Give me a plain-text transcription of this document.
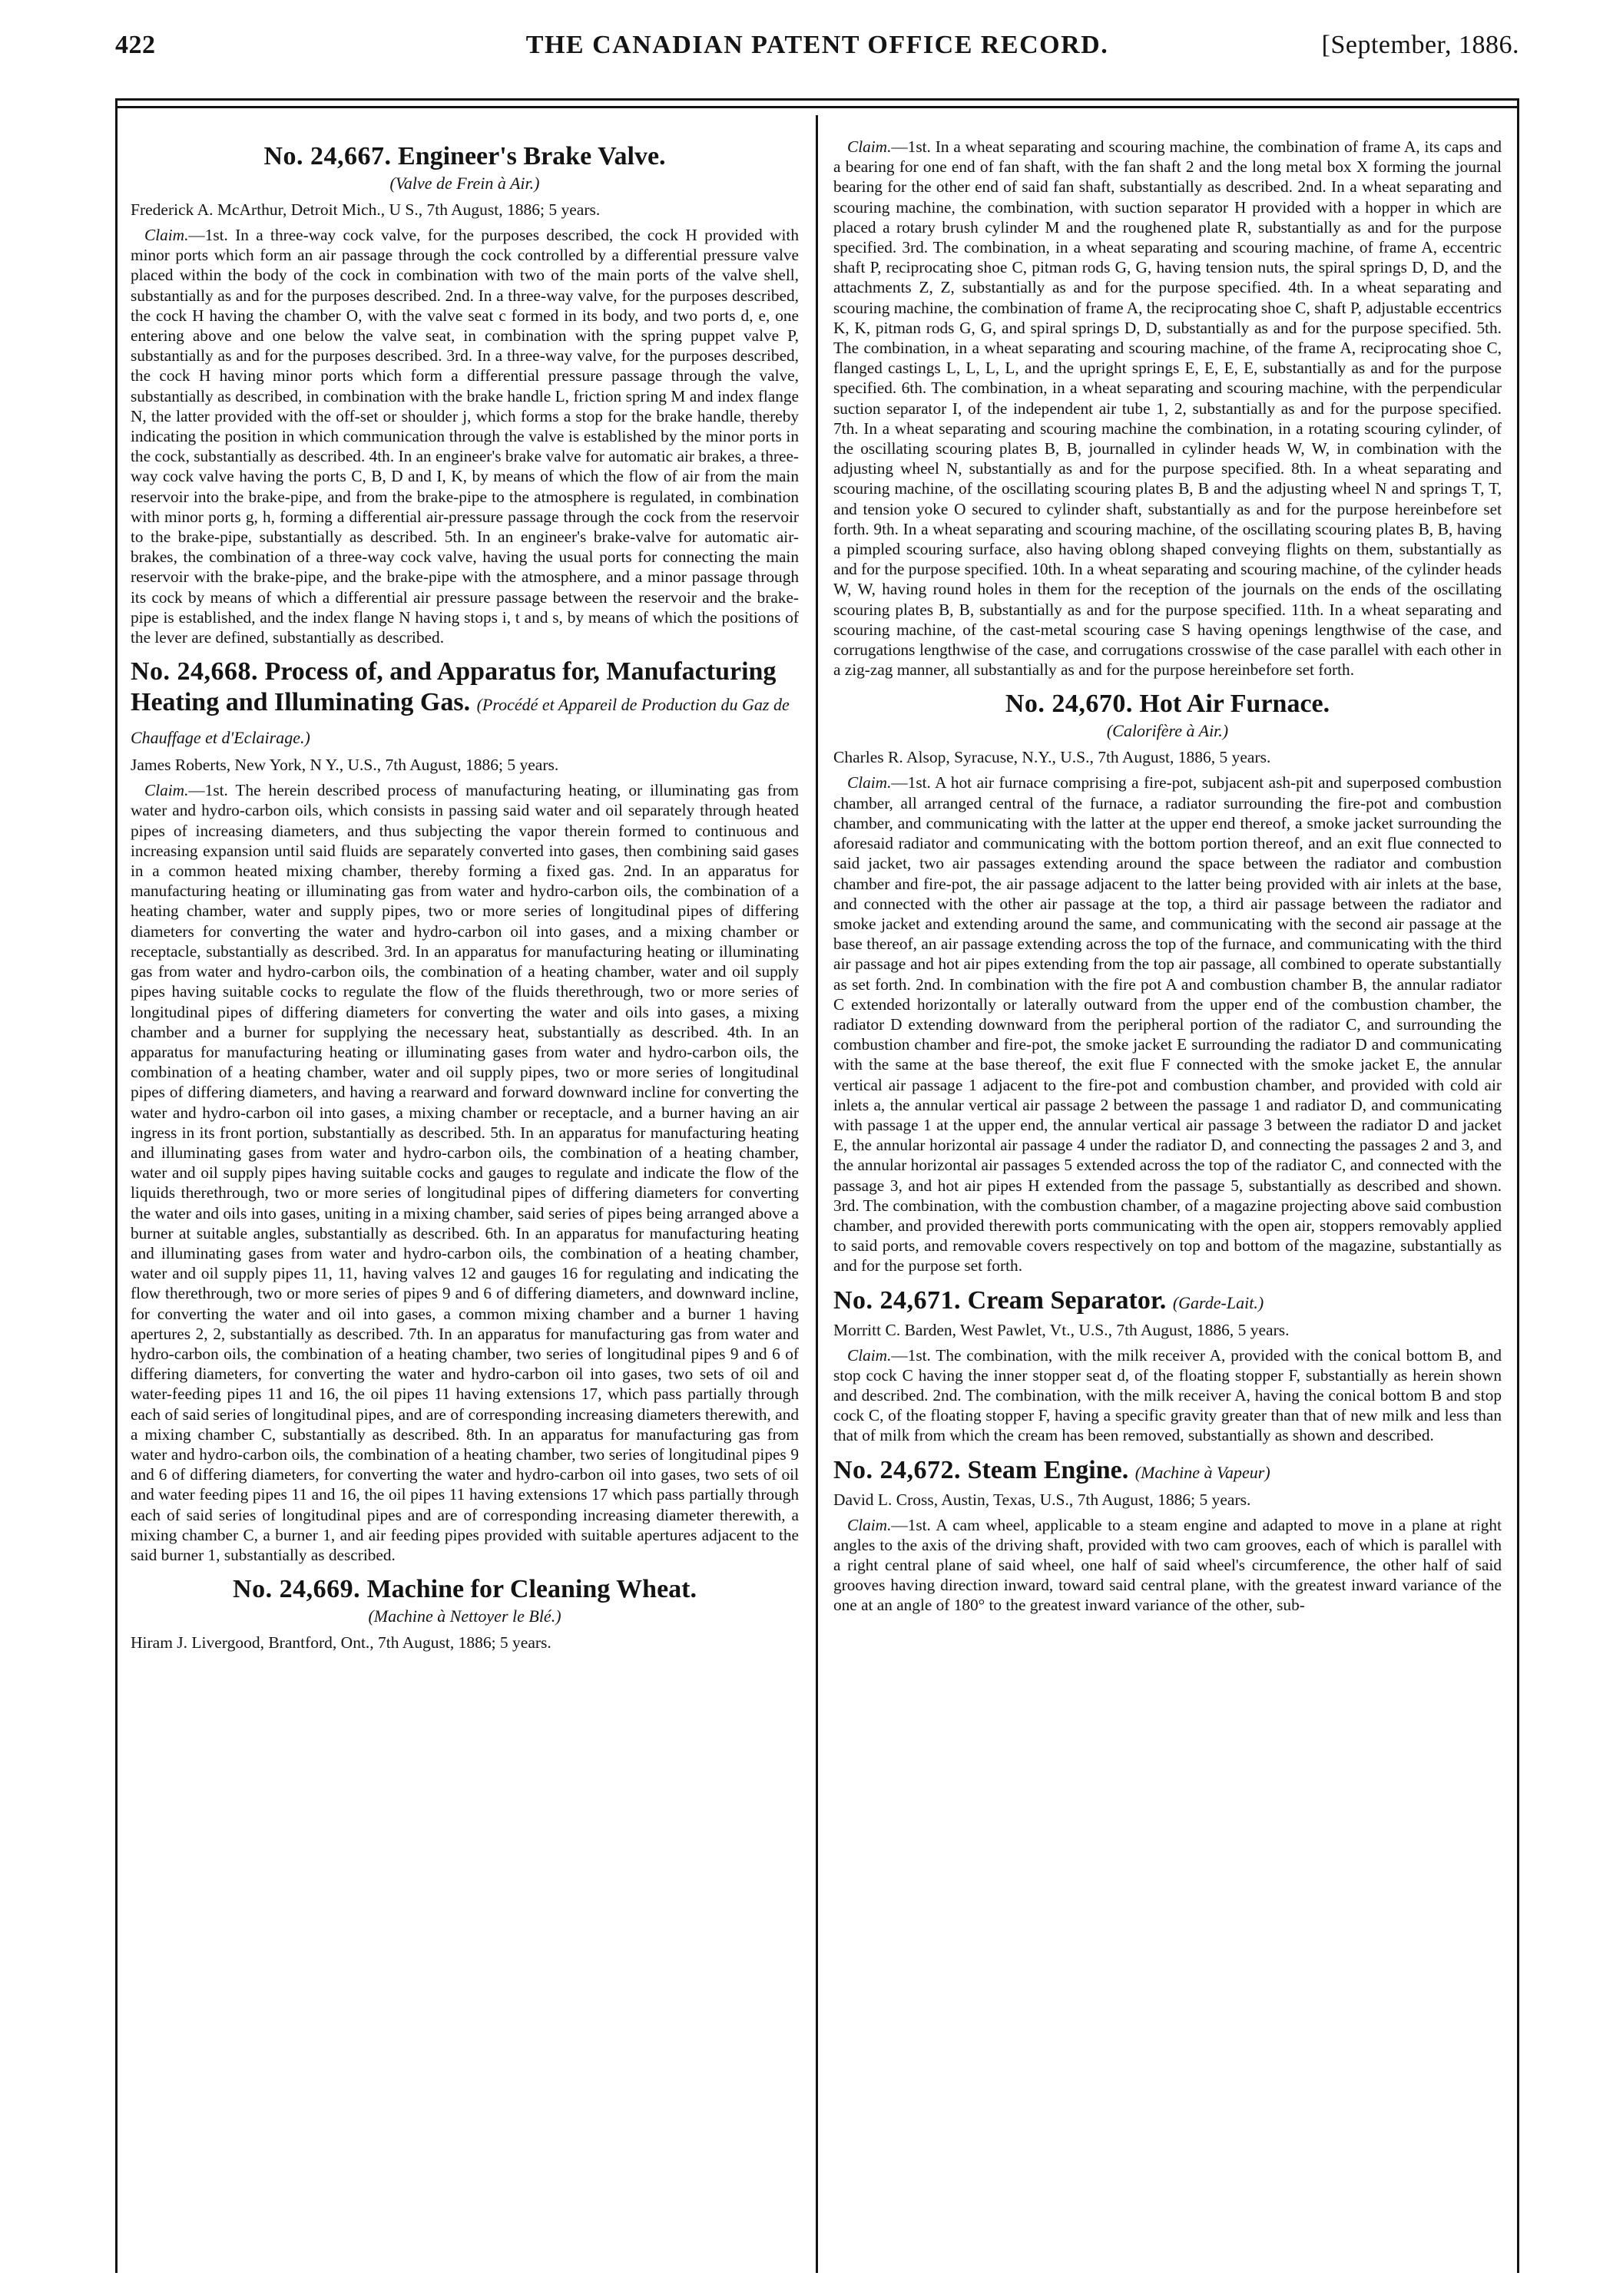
422	THE CANADIAN PATENT OFFICE RECORD.	[September, 1886.
No. 24,667. Engineer's Brake Valve.
(Valve de Frein à Air.)
Frederick A. McArthur, Detroit Mich., U S., 7th August, 1886; 5 years.

Claim.—1st. In a three-way cock valve, for the purposes described, the cock H provided with minor ports which form an air passage through the cock controlled by a differential pressure valve placed within the body of the cock in combination with two of the main ports of the valve shell, substantially as and for the purposes described. 2nd. In a three-way valve, for the purposes described, the cock H having the chamber O, with the valve seat c formed in its body, and two ports d, e, one entering above and one below the valve seat, in combination with the spring puppet valve P, substantially as and for the purposes described. 3rd. In a three-way valve, for the purposes described, the cock H having minor ports which form a differential pressure passage through the valve, substantially as described, in combination with the brake handle L, friction spring M and index flange N, the latter provided with the off-set or shoulder j, which forms a stop for the brake handle, thereby indicating the position in which communication through the valve is established by the minor ports in the cock, substantially as described. 4th. In an engineer's brake valve for automatic air brakes, a three-way cock valve having the ports C, B, D and I, K, by means of which the flow of air from the main reservoir into the brake-pipe, and from the brake-pipe to the atmosphere is regulated, in combination with minor ports g, h, forming a differential air-pressure passage through the cock from the reservoir to the brake-pipe, substantially as described. 5th. In an engineer's brake-valve for automatic air-brakes, the combination of a three-way cock valve, having the usual ports for connecting the main reservoir with the brake-pipe, and the brake-pipe with the atmosphere, and a minor passage through its cock by means of which a differential air pressure passage between the reservoir and the brake-pipe is established, and the index flange N having stops i, t and s, by means of which the positions of the lever are defined, substantially as described.

No. 24,668. Process of, and Apparatus for, Manufacturing Heating and Illuminating Gas. (Procédé et Appareil de Production du Gaz de Chauffage et d'Eclairage.)
James Roberts, New York, N Y., U.S., 7th August, 1886; 5 years.

Claim.—1st. The herein described process of manufacturing heating, or illuminating gas from water and hydro-carbon oils, which consists in passing said water and oil separately through heated pipes of increasing diameters, and thus subjecting the vapor therein formed to continuous and increasing expansion until said fluids are separately converted into gases, then combining said gases in a common heated mixing chamber, thereby forming a fixed gas. 2nd. In an apparatus for manufacturing heating or illuminating gas from water and hydro-carbon oils, the combination of a heating chamber, water and supply pipes, two or more series of longitudinal pipes of differing diameters for converting the water and hydro-carbon oil into gases, and a mixing chamber or receptacle, substantially as described. 3rd. In an apparatus for manufacturing heating or illuminating gas from water and hydro-carbon oils, the combination of a heating chamber, water and oil supply pipes having suitable cocks to regulate the flow of the fluids therethrough, two or more series of longitudinal pipes of differing diameters for converting the water and oils into gases, a mixing chamber and a burner for supplying the necessary heat, substantially as described. 4th. In an apparatus for manufacturing heating or illuminating gases from water and hydro-carbon oils, the combination of a heating chamber, water and oil supply pipes, two or more series of longitudinal pipes of differing diameters, and having a rearward and forward downward incline for converting the water and hydro-carbon oil into gases, a mixing chamber or receptacle, and a burner having an air ingress in its front portion, substantially as described. 5th. In an apparatus for manufacturing heating and illuminating gases from water and hydro-carbon oils, the combination of a heating chamber, water and oil supply pipes having suitable cocks and gauges to regulate and indicate the flow of the liquids therethrough, two or more series of longitudinal pipes of differing diameters for converting the water and oils into gases, uniting in a mixing chamber, said series of pipes being arranged above a burner at suitable angles, substantially as described. 6th. In an apparatus for manufacturing heating and illuminating gases from water and hydro-carbon oils, the combination of a heating chamber, water and oil supply pipes 11, 11, having valves 12 and gauges 16 for regulating and indicating the flow therethrough, two or more series of pipes 9 and 6 of differing diameters, and downward incline, for converting the water and oil into gases, a common mixing chamber and a burner 1 having apertures 2, 2, substantially as described. 7th. In an apparatus for manufacturing gas from water and hydro-carbon oils, the combination of a heating chamber, two series of longitudinal pipes 9 and 6 of differing diameters, for converting the water and hydro-carbon oil into gases, two sets of oil and water-feeding pipes 11 and 16, the oil pipes 11 having extensions 17, which pass partially through each of said series of longitudinal pipes, and are of corresponding increasing diameters therewith, and a mixing chamber C, substantially as described. 8th. In an apparatus for manufacturing gas from water and hydro-carbon oils, the combination of a heating chamber, two series of longitudinal pipes 9 and 6 of differing diameters, for converting the water and hydro-carbon oil into gases, two sets of oil and water feeding pipes 11 and 16, the oil pipes 11 having extensions 17 which pass partially through each of said series of longitudinal pipes and are of corresponding increasing diameter therewith, a mixing chamber C, a burner 1, and air feeding pipes provided with suitable apertures adjacent to the said burner 1, substantially as described.

No. 24,669. Machine for Cleaning Wheat.
(Machine à Nettoyer le Blé.)
Hiram J. Livergood, Brantford, Ont., 7th August, 1886; 5 years.

Claim.—1st. In a wheat separating and scouring machine, the combination of frame A, its caps and a bearing for one end of fan shaft, with the fan shaft 2 and the long metal box X forming the journal bearing for the other end of said fan shaft, substantially as described. 2nd. In a wheat separating and scouring machine, the combination, with suction separator H provided with a hopper in which are placed a rotary brush cylinder M and the roughened plate R, substantially as and for the purpose specified. 3rd. The combination, in a wheat separating and scouring machine, of frame A, eccentric shaft P, reciprocating shoe C, pitman rods G, G, having tension nuts, the spiral springs D, D, and the attachments Z, Z, substantially as and for the purpose specified. 4th. In a wheat separating and scouring machine, the combination of frame A, the reciprocating shoe C, shaft P, adjustable eccentrics K, K, pitman rods G, G, and spiral springs D, D, substantially as and for the purpose specified. 5th. The combination, in a wheat separating and scouring machine, of the frame A, reciprocating shoe C, flanged castings L, L, L, L, and the upright springs E, E, E, E, substantially as and for the purpose specified. 6th. The combination, in a wheat separating and scouring machine, with the perpendicular suction separator I, of the independent air tube 1, 2, substantially as and for the purpose specified. 7th. In a wheat separating and scouring machine the combination, in a rotating scouring cylinder, of the oscillating scouring plates B, B, journalled in cylinder heads W, W, in combination with the adjusting wheel N, substantially as and for the purpose specified. 8th. In a wheat separating and scouring machine, of the oscillating scouring plates B, B and the adjusting wheel N and springs T, T, and tension yoke O secured to cylinder shaft, substantially as and for the purpose hereinbefore set forth. 9th. In a wheat separating and scouring machine, of the oscillating scouring plates B, B, having a pimpled scouring surface, also having oblong shaped conveying flights on them, substantially as and for the purpose specified. 10th. In a wheat separating and scouring machine, of the cylinder heads W, W, having round holes in them for the reception of the journals on the ends of the oscillating scouring plates B, B, substantially as and for the purpose specified. 11th. In a wheat separating and scouring machine, of the cast-metal scouring case S having openings lengthwise of the case, and corrugations lengthwise of the case, and corrugations crosswise of the case parallel with each other in a zig-zag manner, all substantially as and for the purpose hereinbefore set forth.

No. 24,670. Hot Air Furnace.
(Calorifère à Air.)
Charles R. Alsop, Syracuse, N.Y., U.S., 7th August, 1886, 5 years.

Claim.—1st. A hot air furnace comprising a fire-pot, subjacent ash-pit and superposed combustion chamber, all arranged central of the furnace, a radiator surrounding the fire-pot and combustion chamber, and communicating with the latter at the upper end thereof, a smoke jacket surrounding the aforesaid radiator and communicating with the bottom portion thereof, and an exit flue connected to said jacket, two air passages extending around the space between the radiator and combustion chamber and fire-pot, the air passage adjacent to the latter being provided with air inlets at the base, and connected with the other air passage at the top, a third air passage between the radiator and smoke jacket and extending around the same, and communicating with the second air passage at the base thereof, an air passage extending across the top of the furnace, and communicating with the third air passage and hot air pipes extending from the top air passage, all combined to operate substantially as set forth. 2nd. In combination with the fire pot A and combustion chamber B, the annular radiator C extended horizontally or laterally outward from the upper end of the combustion chamber, the radiator D extending downward from the peripheral portion of the radiator C, and surrounding the combustion chamber and fire-pot, the smoke jacket E surrounding the radiator D and communicating with the same at the base thereof, the exit flue F connected with the smoke jacket E, the annular vertical air passage 1 adjacent to the fire-pot and combustion chamber, and provided with cold air inlets a, the annular vertical air passage 2 between the passage 1 and radiator D, and communicating with passage 1 at the upper end, the annular vertical air passage 3 between the radiator D and jacket E, the annular horizontal air passage 4 under the radiator D, and connecting the passages 2 and 3, and the annular horizontal air passages 5 extended across the top of the radiator C, and connected with the passage 3, and hot air pipes H extended from the passage 5, substantially as described and shown. 3rd. The combination, with the combustion chamber, of a magazine projecting above said combustion chamber, and provided therewith ports communicating with the open air, stoppers removably applied to said ports, and removable covers respectively on top and bottom of the magazine, substantially as and for the purpose set forth.

No. 24,671. Cream Separator. (Garde-Lait.)
Morritt C. Barden, West Pawlet, Vt., U.S., 7th August, 1886, 5 years.

Claim.—1st. The combination, with the milk receiver A, provided with the conical bottom B, and stop cock C having the inner stopper seat d, of the floating stopper F, substantially as herein shown and described. 2nd. The combination, with the milk receiver A, having the conical bottom B and stop cock C, of the floating stopper F, having a specific gravity greater than that of new milk and less than that of milk from which the cream has been removed, substantially as shown and described.

No. 24,672. Steam Engine. (Machine à Vapeur)
David L. Cross, Austin, Texas, U.S., 7th August, 1886; 5 years.

Claim.—1st. A cam wheel, applicable to a steam engine and adapted to move in a plane at right angles to the axis of the driving shaft, provided with two cam grooves, each of which is parallel with a right central plane of said wheel, one half of said wheel's circumference, the other half of said grooves having direction inward, toward said central plane, with the greatest inward variance of the one at an angle of 180° to the greatest inward variance of the other, sub-
